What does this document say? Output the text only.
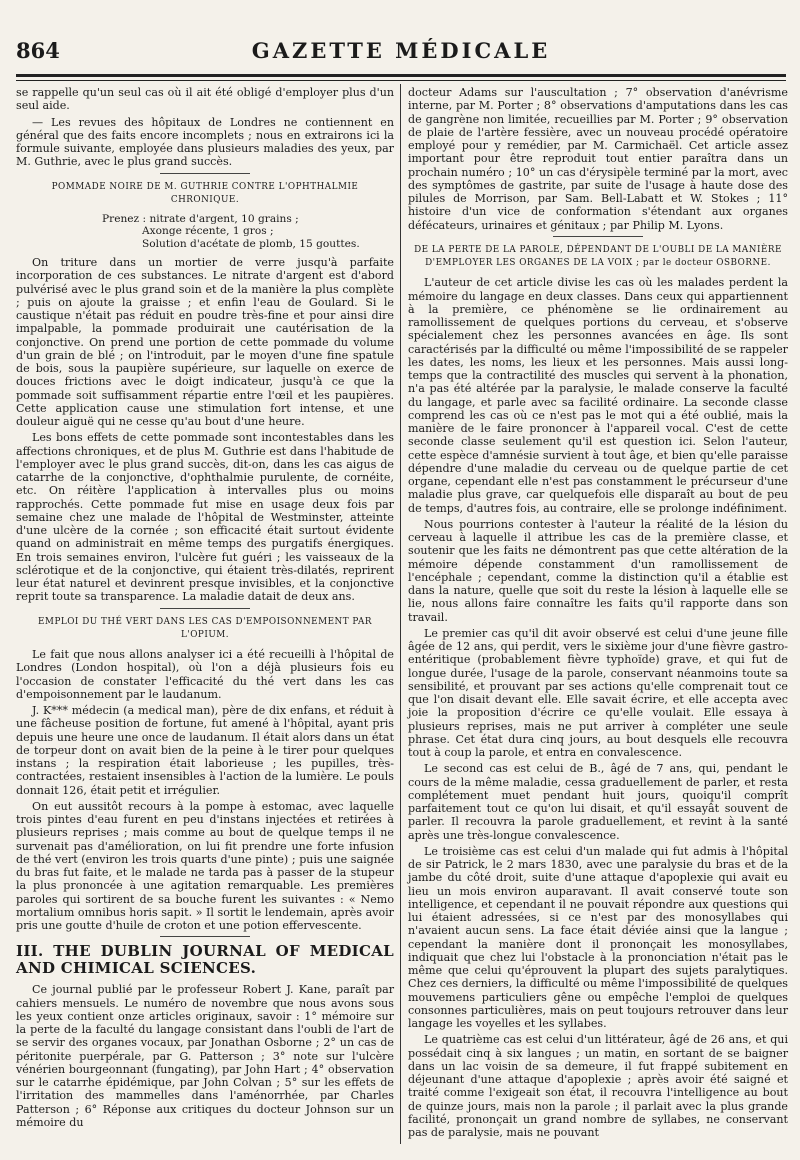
864	GAZETTE MÉDICALE

se rappelle qu'un seul cas où il ait été obligé d'employer plus d'un seul aide.

— Les revues des hôpitaux de Londres ne contiennent en général que des faits encore incomplets ; nous en extrairons ici la formule suivante, employée dans plusieurs maladies des yeux, par M. Guthrie, avec le plus grand succès.

POMMADE NOIRE DE M. GUTHRIE CONTRE L'OPHTHALMIE CHRONIQUE.

Prenez : nitrate d'argent, 10 grains ;
Axonge récente, 1 gros ;
Solution d'acétate de plomb, 15 gouttes.

On triture dans un mortier de verre jusqu'à parfaite incorporation de ces substances. Le nitrate d'argent est d'abord pulvérisé avec le plus grand soin et de la manière la plus complète ; puis on ajoute la graisse ; et enfin l'eau de Goulard. Si le caustique n'était pas réduit en poudre très-fine et pour ainsi dire impalpable, la pommade produirait une cautérisation de la conjonctive. On prend une portion de cette pommade du volume d'un grain de blé ; on l'introduit, par le moyen d'une fine spatule de bois, sous la paupière supérieure, sur laquelle on exerce de douces frictions avec le doigt indicateur, jusqu'à ce que la pommade soit suffisamment répartie entre l'œil et les paupières. Cette application cause une stimulation fort intense, et une douleur aiguë qui ne cesse qu'au bout d'une heure.

Les bons effets de cette pommade sont incontestables dans les affections chroniques, et de plus M. Guthrie est dans l'habitude de l'employer avec le plus grand succès, dit-on, dans les cas aigus de catarrhe de la conjonctive, d'ophthalmie purulente, de cornéite, etc. On réitère l'application à intervalles plus ou moins rapprochés. Cette pommade fut mise en usage deux fois par semaine chez une malade de l'hôpital de Westminster, atteinte d'une ulcère de la cornée ; son efficacité était surtout évidente quand on administrait en même temps des purgatifs énergiques. En trois semaines environ, l'ulcère fut guéri ; les vaisseaux de la sclérotique et de la conjonctive, qui étaient très-dilatés, reprirent leur état naturel et devinrent presque invisibles, et la conjonctive reprit toute sa transparence. La maladie datait de deux ans.

EMPLOI DU THÉ VERT DANS LES CAS D'EMPOISONNEMENT PAR L'OPIUM.

Le fait que nous allons analyser ici a été recueilli à l'hôpital de Londres (London hospital), où l'on a déjà plusieurs fois eu l'occasion de constater l'efficacité du thé vert dans les cas d'empoisonnement par le laudanum.

J. K*** médecin (a medical man), père de dix enfans, et réduit à une fâcheuse position de fortune, fut amené à l'hôpital, ayant pris depuis une heure une once de laudanum. Il était alors dans un état de torpeur dont on avait bien de la peine à le tirer pour quelques instans ; la respiration était laborieuse ; les pupilles, très-contractées, restaient insensibles à l'action de la lumière. Le pouls donnait 126, était petit et irrégulier.

On eut aussitôt recours à la pompe à estomac, avec laquelle trois pintes d'eau furent en peu d'instans injectées et retirées à plusieurs reprises ; mais comme au bout de quelque temps il ne survenait pas d'amélioration, on lui fit prendre une forte infusion de thé vert (environ les trois quarts d'une pinte) ; puis une saignée du bras fut faite, et le malade ne tarda pas à passer de la stupeur la plus prononcée à une agitation remarquable. Les premières paroles qui sortirent de sa bouche furent les suivantes : « Nemo mortalium omnibus horis sapit. » Il sortit le lendemain, après avoir pris une goutte d'huile de croton et une potion effervescente.

III. THE DUBLIN JOURNAL OF MEDICAL AND CHIMICAL SCIENCES.

Ce journal publié par le professeur Robert J. Kane, paraît par cahiers mensuels. Le numéro de novembre que nous avons sous les yeux contient onze articles originaux, savoir : 1° mémoire sur la perte de la faculté du langage consistant dans l'oubli de l'art de se servir des organes vocaux, par Jonathan Osborne ; 2° un cas de péritonite puerpérale, par G. Patterson ; 3° note sur l'ulcère vénérien bourgeonnant (fungating), par John Hart ; 4° observation sur le catarrhe épidémique, par John Colvan ; 5° sur les effets de l'irritation des mammelles dans l'aménorrhée, par Charles Patterson ; 6° Réponse aux critiques du docteur Johnson sur un mémoire du

docteur Adams sur l'auscultation ; 7° observation d'anévrisme interne, par M. Porter ; 8° observations d'amputations dans les cas de gangrène non limitée, recueillies par M. Porter ; 9° observation de plaie de l'artère fessière, avec un nouveau procédé opératoire employé pour y remédier, par M. Carmichaël. Cet article assez important pour être reproduit tout entier paraîtra dans un prochain numéro ; 10° un cas d'érysipèle terminé par la mort, avec des symptômes de gastrite, par suite de l'usage à haute dose des pilules de Morrison, par Sam. Bell-Labatt et W. Stokes ; 11° histoire d'un vice de conformation s'étendant aux organes défécateurs, urinaires et génitaux ; par Philip M. Lyons.

DE LA PERTE DE LA PAROLE, DÉPENDANT DE L'OUBLI DE LA MANIÈRE D'EMPLOYER LES ORGANES DE LA VOIX ; par le docteur OSBORNE.

L'auteur de cet article divise les cas où les malades perdent la mémoire du langage en deux classes. Dans ceux qui appartiennent à la première, ce phénomène se lie ordinairement au ramollissement de quelques portions du cerveau, et s'observe spécialement chez les personnes avancées en âge. Ils sont caractérisés par la difficulté ou même l'impossibilité de se rappeler les dates, les noms, les lieux et les personnes. Mais aussi long-temps que la contractilité des muscles qui servent à la phonation, n'a pas été altérée par la paralysie, le malade conserve la faculté du langage, et parle avec sa facilité ordinaire. La seconde classe comprend les cas où ce n'est pas le mot qui a été oublié, mais la manière de le faire prononcer à l'appareil vocal. C'est de cette seconde classe seulement qu'il est question ici. Selon l'auteur, cette espèce d'amnésie survient à tout âge, et bien qu'elle paraisse dépendre d'une maladie du cerveau ou de quelque partie de cet organe, cependant elle n'est pas constamment le précurseur d'une maladie plus grave, car quelquefois elle disparaît au bout de peu de temps, d'autres fois, au contraire, elle se prolonge indéfiniment.

Nous pourrions contester à l'auteur la réalité de la lésion du cerveau à laquelle il attribue les cas de la première classe, et soutenir que les faits ne démontrent pas que cette altération de la mémoire dépende constamment d'un ramollissement de l'encéphale ; cependant, comme la distinction qu'il a établie est dans la nature, quelle que soit du reste la lésion à laquelle elle se lie, nous allons faire connaître les faits qu'il rapporte dans son travail.

Le premier cas qu'il dit avoir observé est celui d'une jeune fille âgée de 12 ans, qui perdit, vers le sixième jour d'une fièvre gastro-entéritique (probablement fièvre typhoïde) grave, et qui fut de longue durée, l'usage de la parole, conservant néanmoins toute sa sensibilité, et prouvant par ses actions qu'elle comprenait tout ce que l'on disait devant elle. Elle savait écrire, et elle accepta avec joie la proposition d'écrire ce qu'elle voulait. Elle essaya à plusieurs reprises, mais ne put arriver à compléter une seule phrase. Cet état dura cinq jours, au bout desquels elle recouvra tout à coup la parole, et entra en convalescence.

Le second cas est celui de B., âgé de 7 ans, qui, pendant le cours de la même maladie, cessa graduellement de parler, et resta complétement muet pendant huit jours, quoiqu'il comprît parfaitement tout ce qu'on lui disait, et qu'il essayât souvent de parler. Il recouvra la parole graduellement, et revint à la santé après une très-longue convalescence.

Le troisième cas est celui d'un malade qui fut admis à l'hôpital de sir Patrick, le 2 mars 1830, avec une paralysie du bras et de la jambe du côté droit, suite d'une attaque d'apoplexie qui avait eu lieu un mois environ auparavant. Il avait conservé toute son intelligence, et cependant il ne pouvait répondre aux questions qui lui étaient adressées, si ce n'est par des monosyllabes qui n'avaient aucun sens. La face était déviée ainsi que la langue ; cependant la manière dont il prononçait les monosyllabes, indiquait que chez lui l'obstacle à la prononciation n'était pas le même que celui qu'éprouvent la plupart des sujets paralytiques. Chez ces derniers, la difficulté ou même l'impossibilité de quelques mouvemens particuliers gêne ou empêche l'emploi de quelques consonnes particulières, mais on peut toujours retrouver dans leur langage les voyelles et les syllabes.

Le quatrième cas est celui d'un littérateur, âgé de 26 ans, et qui possédait cinq à six langues ; un matin, en sortant de se baigner dans un lac voisin de sa demeure, il fut frappé subitement en déjeunant d'une attaque d'apoplexie ; après avoir été saigné et traité comme l'exigeait son état, il recouvra l'intelligence au bout de quinze jours, mais non la parole ; il parlait avec la plus grande facilité, prononçait un grand nombre de syllabes, ne conservant pas de paralysie, mais ne pouvant
